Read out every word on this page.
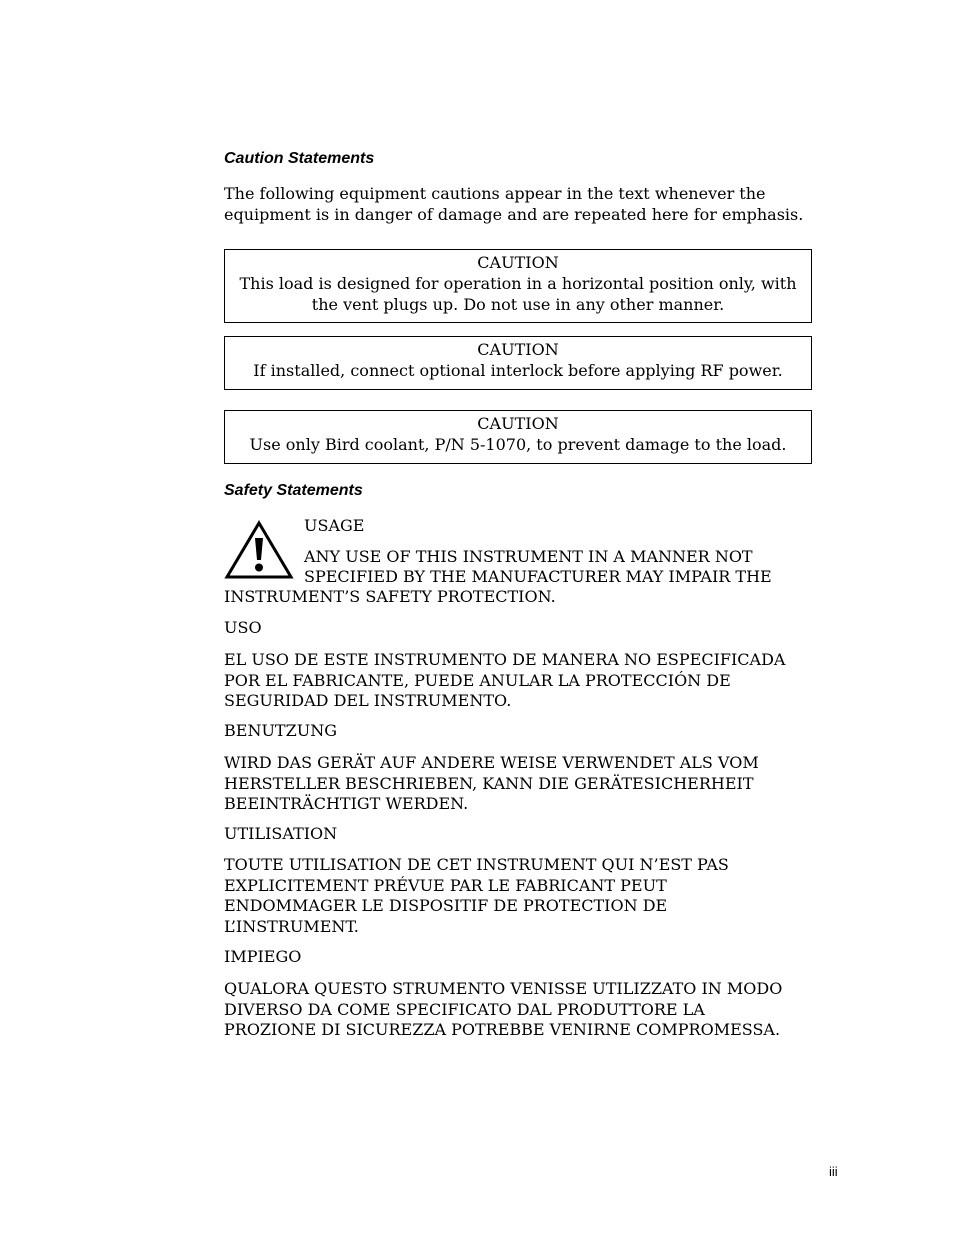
Caution Statements
The following equipment cautions appear in the text whenever the
equipment is in danger of damage and are repeated here for emphasis.
CAUTION
This load is designed for operation in a horizontal position only, with
the vent plugs up. Do not use in any other manner.
CAUTION
If installed, connect optional interlock before applying RF power.
CAUTION
Use only Bird coolant, P/N 5-1070, to prevent damage to the load.
Safety Statements
USAGE
ANY USE OF THIS INSTRUMENT IN A MANNER NOT
SPECIFIED BY THE MANUFACTURER MAY IMPAIR THE
INSTRUMENT’S SAFETY PROTECTION.
USO
EL USO DE ESTE INSTRUMENTO DE MANERA NO ESPECIFICADA
POR EL FABRICANTE, PUEDE ANULAR LA PROTECCIÓN DE
SEGURIDAD DEL INSTRUMENTO.
BENUTZUNG
WIRD DAS GERÄT AUF ANDERE WEISE VERWENDET ALS VOM
HERSTELLER BESCHRIEBEN, KANN DIE GERÄTESICHERHEIT
BEEINTRÄCHTIGT WERDEN.
UTILISATION
TOUTE UTILISATION DE CET INSTRUMENT QUI N’EST PAS
EXPLICITEMENT PRÉVUE PAR LE FABRICANT PEUT
ENDOMMAGER LE DISPOSITIF DE PROTECTION DE
L’INSTRUMENT.
IMPIEGO
QUALORA QUESTO STRUMENTO VENISSE UTILIZZATO IN MODO
DIVERSO DA COME SPECIFICATO DAL PRODUTTORE LA
PROZIONE DI SICUREZZA POTREBBE VENIRNE COMPROMESSA.
iii
